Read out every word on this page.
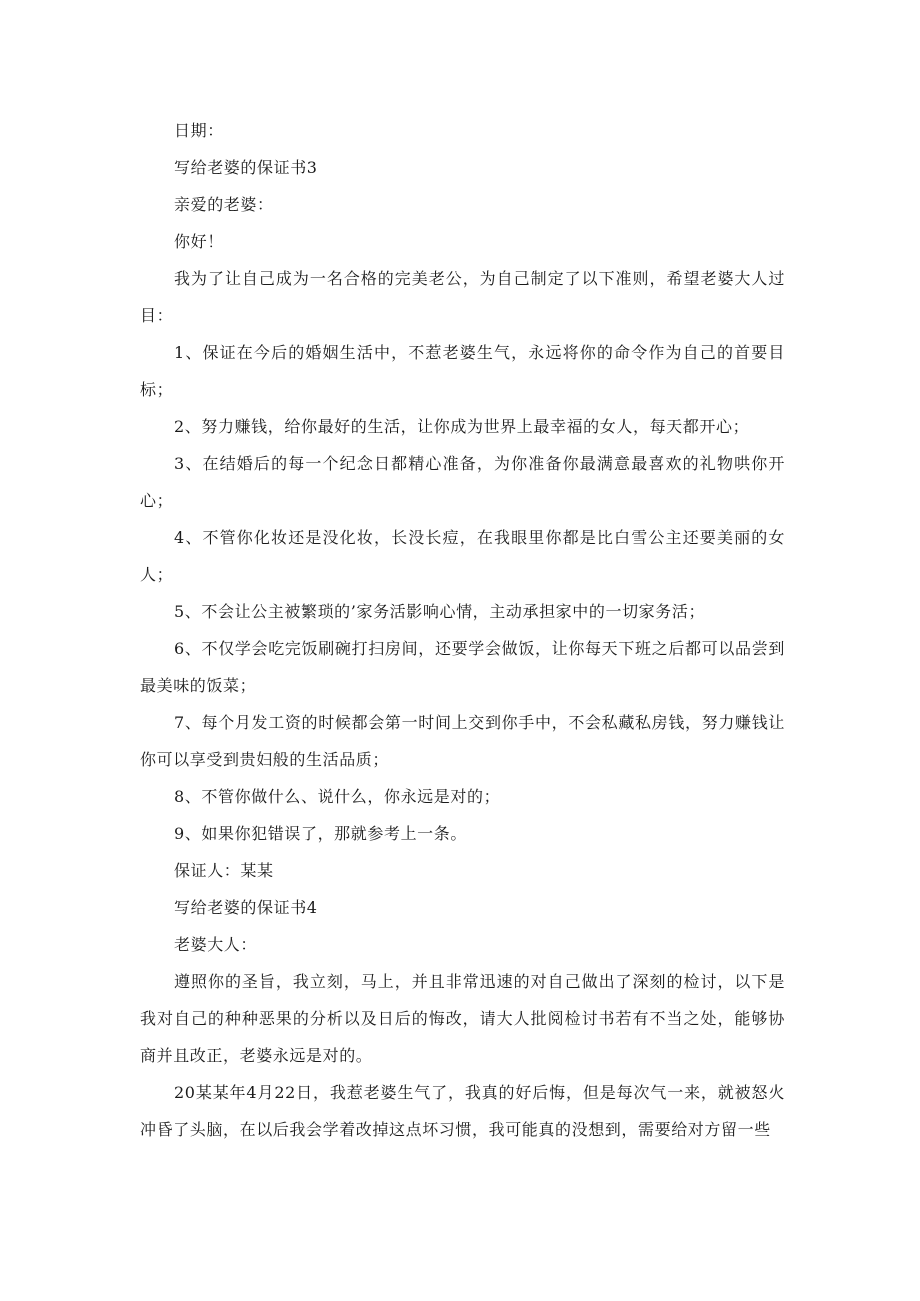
日期：

写给老婆的保证书3

亲爱的老婆：

你好！

我为了让自己成为一名合格的完美老公，为自己制定了以下准则，希望老婆大人过目：

1、保证在今后的婚姻生活中，不惹老婆生气，永远将你的命令作为自己的首要目标；

2、努力赚钱，给你最好的生活，让你成为世界上最幸福的女人，每天都开心；

3、在结婚后的每一个纪念日都精心准备，为你准备你最满意最喜欢的礼物哄你开心；

4、不管你化妆还是没化妆，长没长痘，在我眼里你都是比白雪公主还要美丽的女人；

5、不会让公主被繁琐的’家务活影响心情，主动承担家中的一切家务活；

6、不仅学会吃完饭刷碗打扫房间，还要学会做饭，让你每天下班之后都可以品尝到最美味的饭菜；

7、每个月发工资的时候都会第一时间上交到你手中，不会私藏私房钱，努力赚钱让你可以享受到贵妇般的生活品质；

8、不管你做什么、说什么，你永远是对的；

9、如果你犯错误了，那就参考上一条。

保证人：某某

写给老婆的保证书4

老婆大人：

遵照你的圣旨，我立刻，马上，并且非常迅速的对自己做出了深刻的检讨，以下是我对自己的种种恶果的分析以及日后的悔改，请大人批阅检讨书若有不当之处，能够协商并且改正，老婆永远是对的。

20某某年4月22日，我惹老婆生气了，我真的好后悔，但是每次气一来，就被怒火冲昏了头脑，在以后我会学着改掉这点坏习惯，我可能真的没想到，需要给对方留一些
